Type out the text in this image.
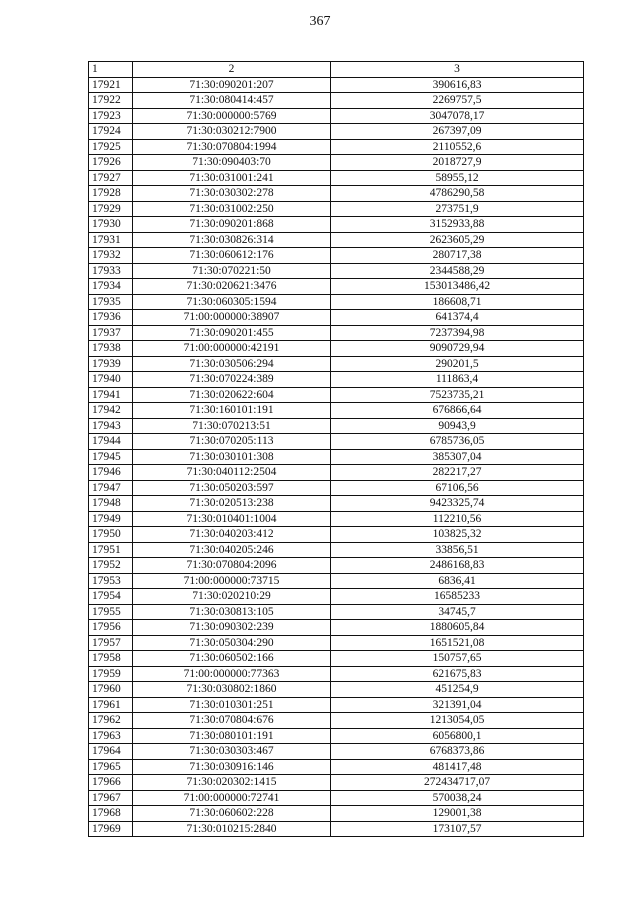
367
1	2	3
17921	71:30:090201:207	390616,83
17922	71:30:080414:457	2269757,5
17923	71:30:000000:5769	3047078,17
17924	71:30:030212:7900	267397,09
17925	71:30:070804:1994	2110552,6
17926	71:30:090403:70	2018727,9
17927	71:30:031001:241	58955,12
17928	71:30:030302:278	4786290,58
17929	71:30:031002:250	273751,9
17930	71:30:090201:868	3152933,88
17931	71:30:030826:314	2623605,29
17932	71:30:060612:176	280717,38
17933	71:30:070221:50	2344588,29
17934	71:30:020621:3476	153013486,42
17935	71:30:060305:1594	186608,71
17936	71:00:000000:38907	641374,4
17937	71:30:090201:455	7237394,98
17938	71:00:000000:42191	9090729,94
17939	71:30:030506:294	290201,5
17940	71:30:070224:389	111863,4
17941	71:30:020622:604	7523735,21
17942	71:30:160101:191	676866,64
17943	71:30:070213:51	90943,9
17944	71:30:070205:113	6785736,05
17945	71:30:030101:308	385307,04
17946	71:30:040112:2504	282217,27
17947	71:30:050203:597	67106,56
17948	71:30:020513:238	9423325,74
17949	71:30:010401:1004	112210,56
17950	71:30:040203:412	103825,32
17951	71:30:040205:246	33856,51
17952	71:30:070804:2096	2486168,83
17953	71:00:000000:73715	6836,41
17954	71:30:020210:29	16585233
17955	71:30:030813:105	34745,7
17956	71:30:090302:239	1880605,84
17957	71:30:050304:290	1651521,08
17958	71:30:060502:166	150757,65
17959	71:00:000000:77363	621675,83
17960	71:30:030802:1860	451254,9
17961	71:30:010301:251	321391,04
17962	71:30:070804:676	1213054,05
17963	71:30:080101:191	6056800,1
17964	71:30:030303:467	6768373,86
17965	71:30:030916:146	481417,48
17966	71:30:020302:1415	272434717,07
17967	71:00:000000:72741	570038,24
17968	71:30:060602:228	129001,38
17969	71:30:010215:2840	173107,57
